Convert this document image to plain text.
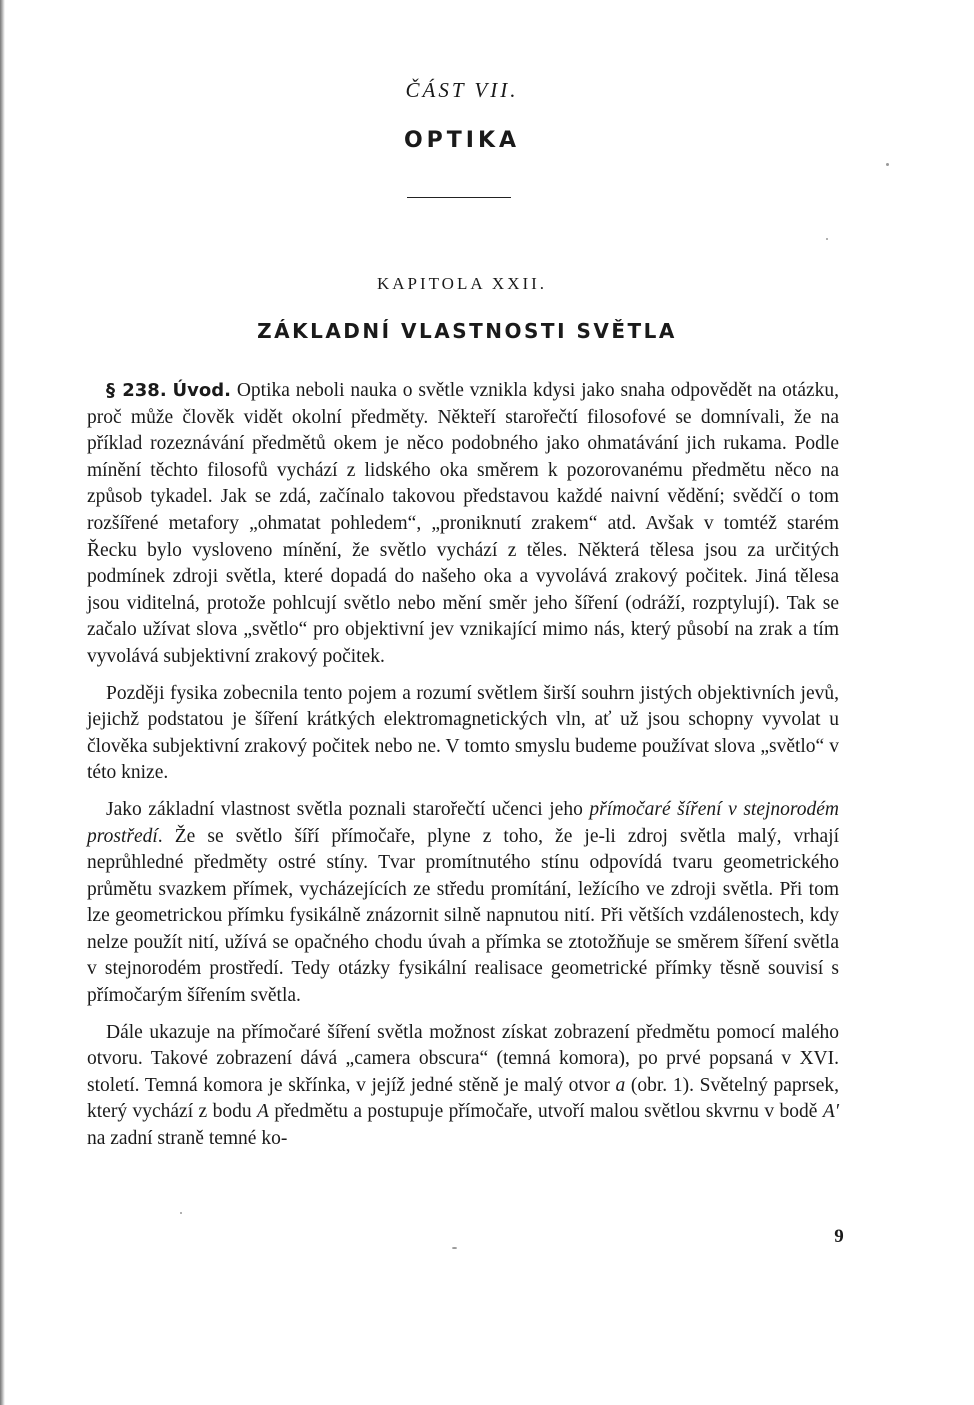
ČÁST VII.
OPTIKA
KAPITOLA XXII.
ZÁKLADNÍ VLASTNOSTI SVĚTLA

§ 238. Úvod. Optika neboli nauka o světle vznikla kdysi jako snaha odpovědět na otázku, proč může člověk vidět okolní předměty. Někteří starořečtí filosofové se domnívali, že na příklad rozeznávání předmětů okem je něco podobného jako ohmatávání jich rukama. Podle mínění těchto filosofů vychází z lidského oka směrem k pozorovanému předmětu něco na způsob tykadel. Jak se zdá, začínalo takovou představou každé naivní vědění; svědčí o tom rozšířené metafory „ohmatat pohledem“, „proniknutí zrakem“ atd. Avšak v tomtéž starém Řecku bylo vysloveno mínění, že světlo vychází z těles. Některá tělesa jsou za určitých podmínek zdroji světla, které dopadá do našeho oka a vyvolává zrakový počitek. Jiná tělesa jsou viditelná, protože pohlcují světlo nebo mění směr jeho šíření (odráží, rozptylují). Tak se začalo užívat slova „světlo“ pro objektivní jev vznikající mimo nás, který působí na zrak a tím vyvolává subjektivní zrakový počitek.

Později fysika zobecnila tento pojem a rozumí světlem širší souhrn jistých objektivních jevů, jejichž podstatou je šíření krátkých elektromagnetických vln, ať už jsou schopny vyvolat u člověka subjektivní zrakový počitek nebo ne. V tomto smyslu budeme používat slova „světlo“ v této knize.

Jako základní vlastnost světla poznali starořečtí učenci jeho přímočaré šíření v stejnorodém prostředí. Že se světlo šíří přímočaře, plyne z toho, že je-li zdroj světla malý, vrhají neprůhledné předměty ostré stíny. Tvar promítnutého stínu odpovídá tvaru geometrického průmětu svazkem přímek, vycházejících ze středu promítání, ležícího ve zdroji světla. Při tom lze geometrickou přímku fysikálně znázornit silně napnutou nití. Při větších vzdálenostech, kdy nelze použít nití, užívá se opačného chodu úvah a přímka se ztotožňuje se směrem šíření světla v stejnorodém prostředí. Tedy otázky fysikální realisace geometrické přímky těsně souvisí s přímočarým šířením světla.

Dále ukazuje na přímočaré šíření světla možnost získat zobrazení předmětu pomocí malého otvoru. Takové zobrazení dává „camera obscura“ (temná komora), po prvé popsaná v XVI. století. Temná komora je skřínka, v jejíž jedné stěně je malý otvor a (obr. 1). Světelný paprsek, který vychází z bodu A předmětu a postupuje přímočaře, utvoří malou světlou skvrnu v bodě A′ na zadní straně temné ko-

9
